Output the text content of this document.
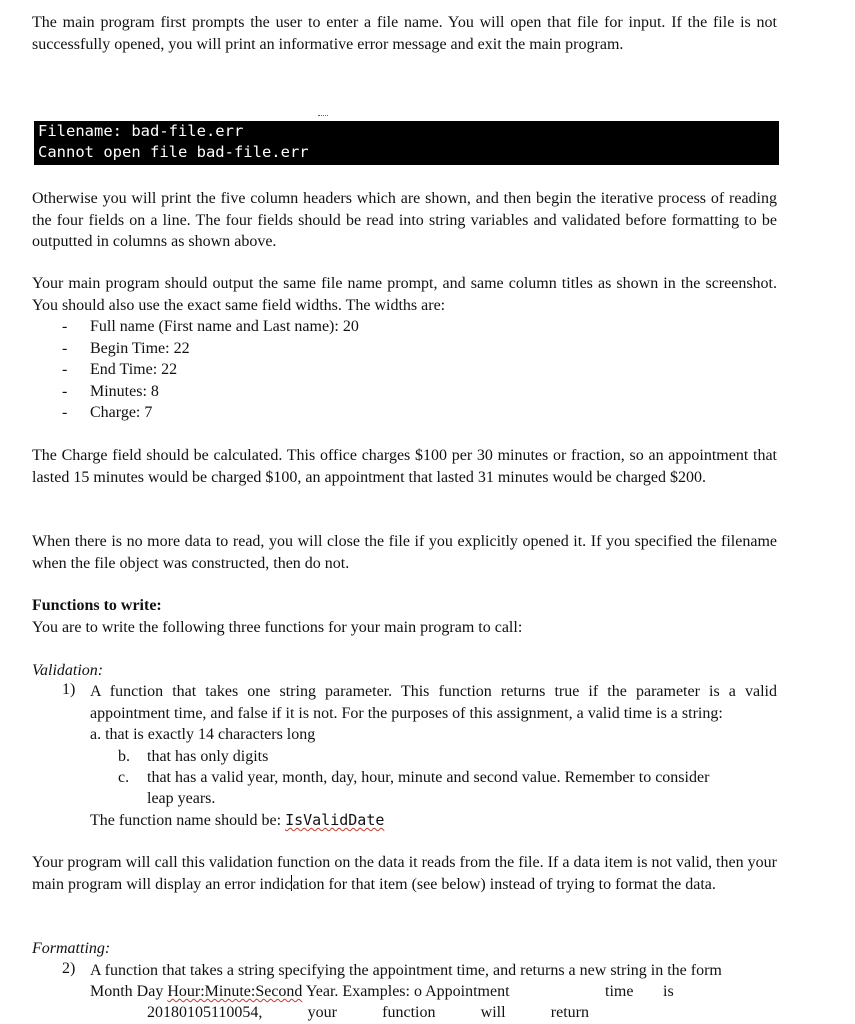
The main program first prompts the user to enter a file name. You will open that file for input. If the file is not successfully opened, you will print an informative error message and exit the main program.

Filename: bad-file.err
Cannot open file bad-file.err

Otherwise you will print the five column headers which are shown, and then begin the iterative process of reading the four fields on a line. The four fields should be read into string variables and validated before formatting to be outputted in columns as shown above.

Your main program should output the same file name prompt, and same column titles as shown in the screenshot. You should also use the exact same field widths. The widths are:

- Full name (First name and Last name): 20
- Begin Time: 22
- End Time: 22
- Minutes: 8
- Charge: 7

The Charge field should be calculated. This office charges $100 per 30 minutes or fraction, so an appointment that lasted 15 minutes would be charged $100, an appointment that lasted 31 minutes would be charged $200.

When there is no more data to read, you will close the file if you explicitly opened it. If you specified the filename when the file object was constructed, then do not.

Functions to write:

You are to write the following three functions for your main program to call:

Validation:

1) A function that takes one string parameter. This function returns true if the parameter is a valid appointment time, and false if it is not. For the purposes of this assignment, a valid time is a string:
a. that is exactly 14 characters long
b. that has only digits
c. that has a valid year, month, day, hour, minute and second value. Remember to consider
leap years.
The function name should be: IsValidDate

Your program will call this validation function on the data it reads from the file. If a data item is not valid, then your main program will display an error indication for that item (see below) instead of trying to format the data.

Formatting:

2) A function that takes a string specifying the appointment time, and returns a new string in the form
Month Day Hour:Minute:Second Year. Examples: o Appointment	time is
20180105110054,	your	function	will	return
